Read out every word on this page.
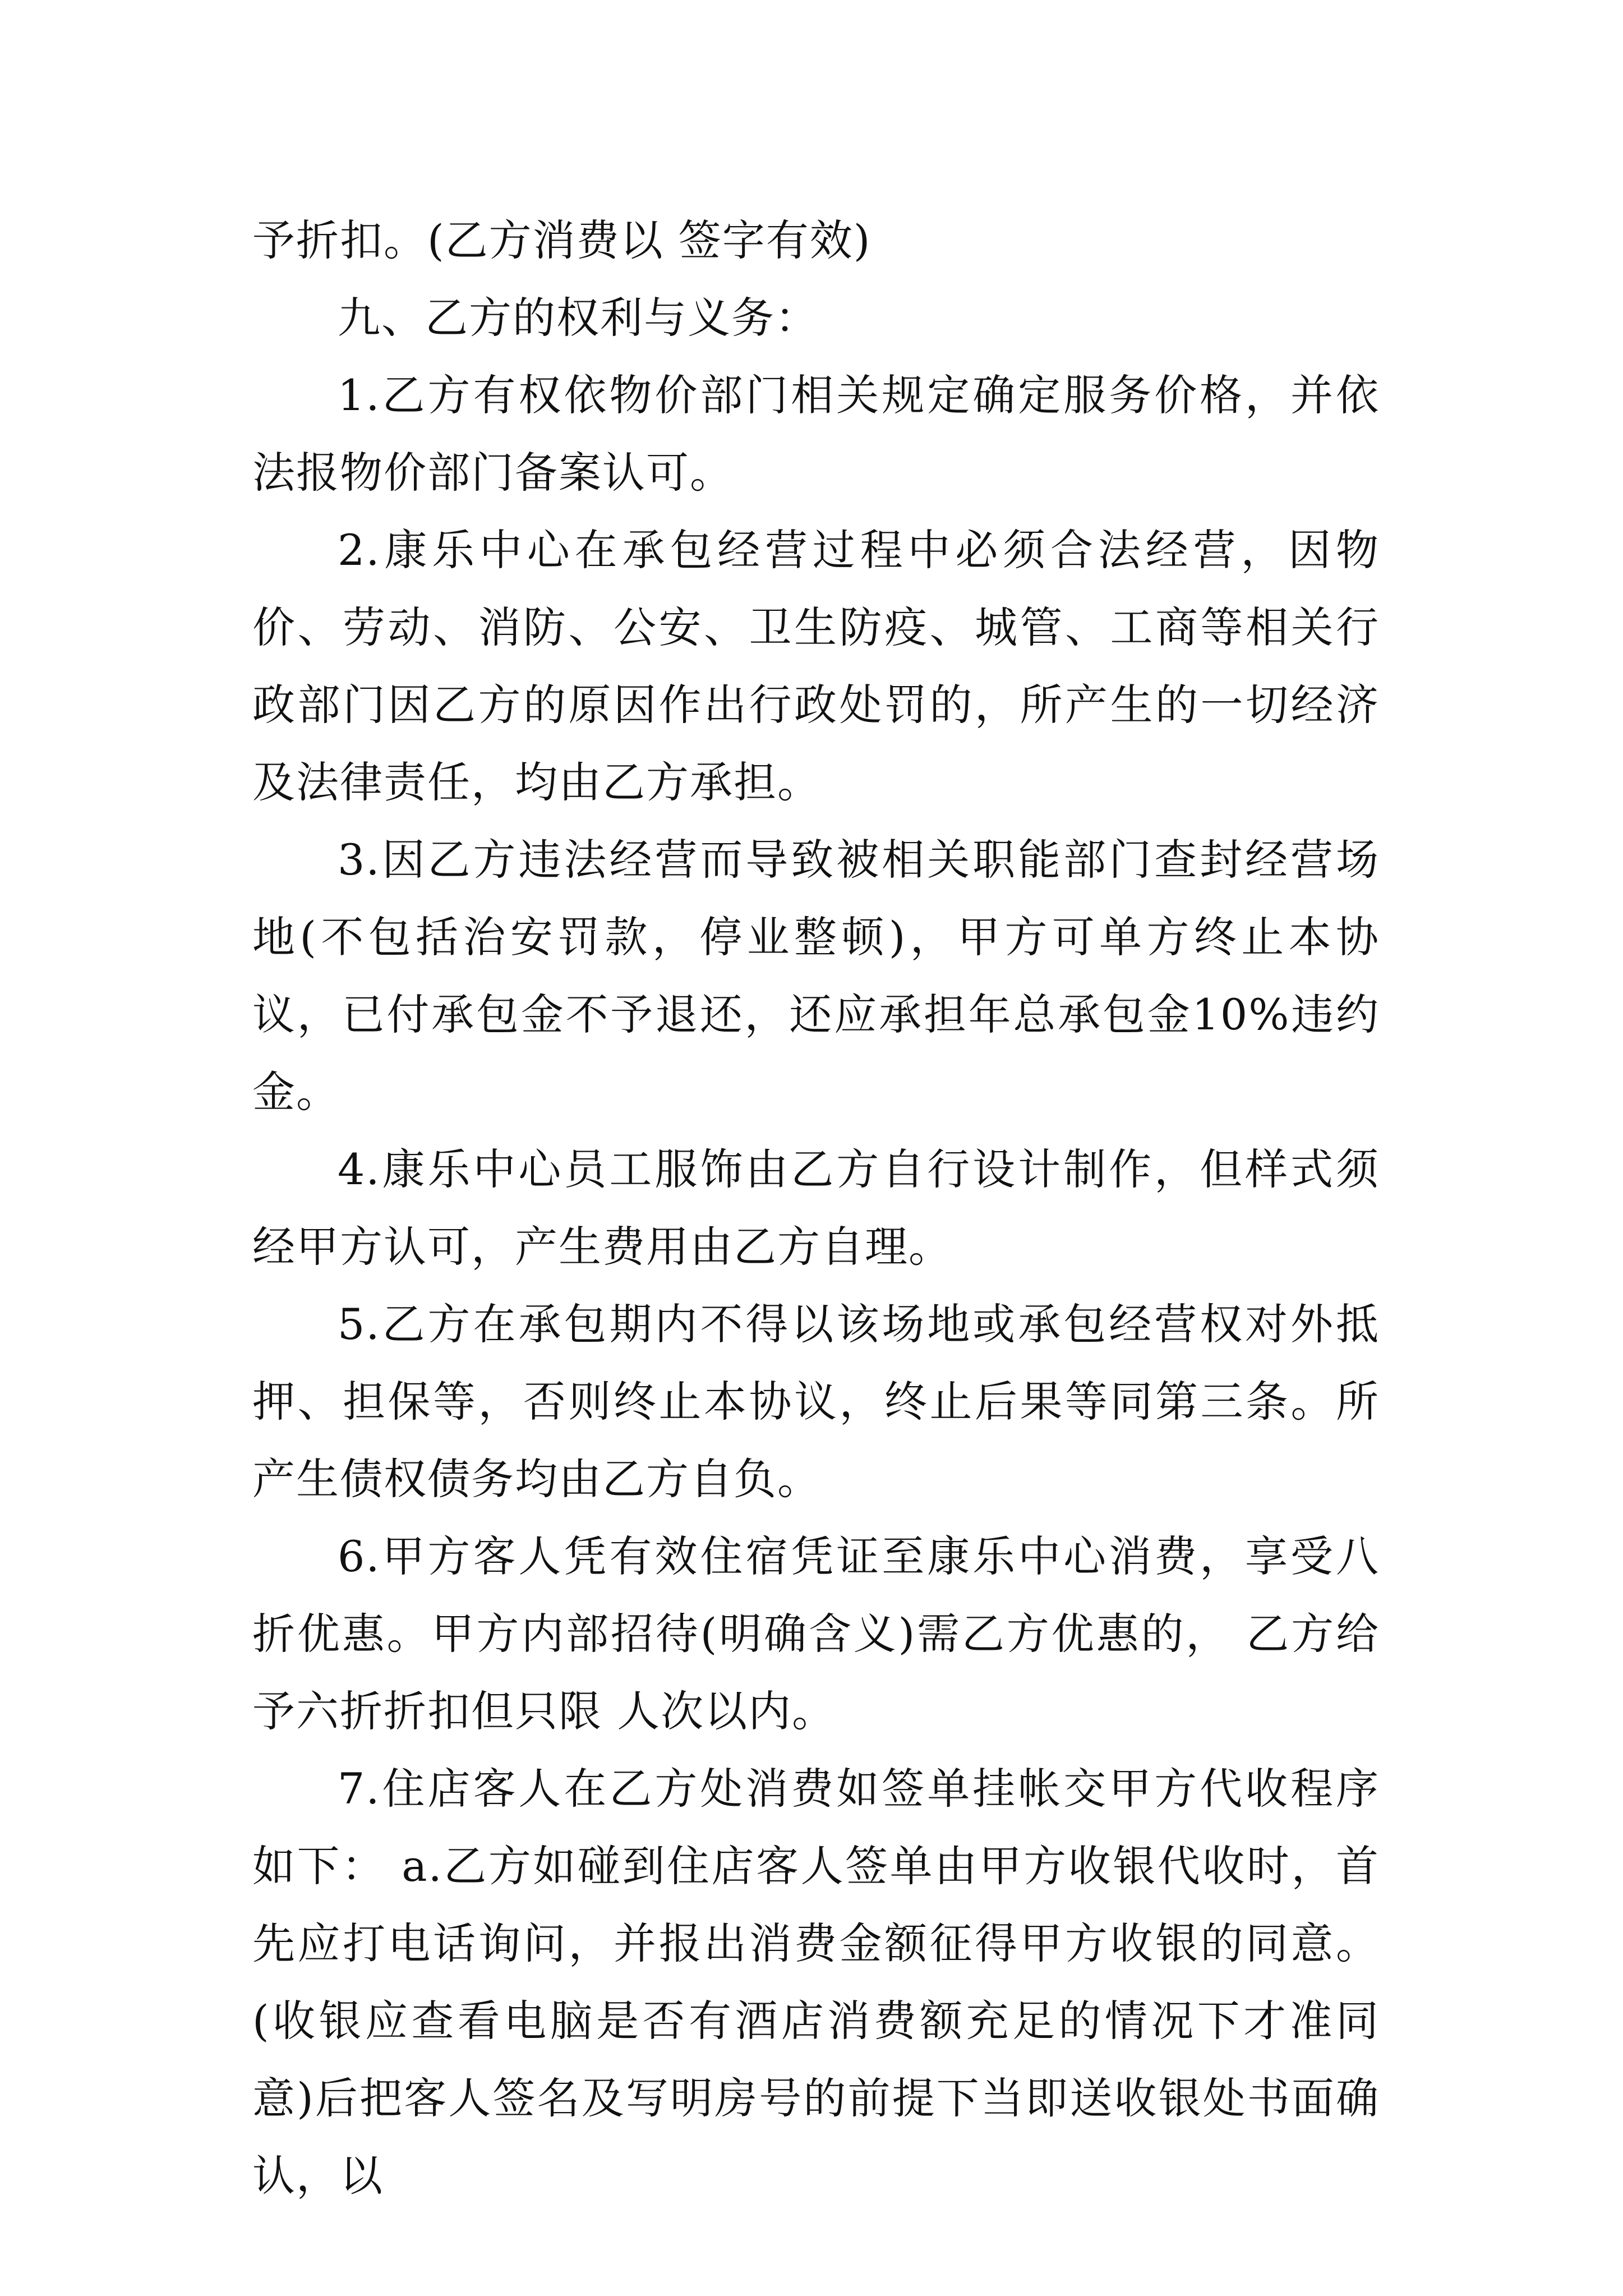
予折扣。(乙方消费以 签字有效)

九、乙方的权利与义务：

1.乙方有权依物价部门相关规定确定服务价格，并依法报物价部门备案认可。

2.康乐中心在承包经营过程中必须合法经营，因物价、劳动、消防、公安、卫生防疫、城管、工商等相关行政部门因乙方的原因作出行政处罚的，所产生的一切经济及法律责任，均由乙方承担。

3.因乙方违法经营而导致被相关职能部门查封经营场地(不包括治安罚款，停业整顿)，甲方可单方终止本协议，已付承包金不予退还，还应承担年总承包金10%违约金。

4.康乐中心员工服饰由乙方自行设计制作，但样式须经甲方认可，产生费用由乙方自理。

5.乙方在承包期内不得以该场地或承包经营权对外抵押、担保等，否则终止本协议，终止后果等同第三条。所产生债权债务均由乙方自负。

6.甲方客人凭有效住宿凭证至康乐中心消费，享受八折优惠。甲方内部招待(明确含义)需乙方优惠的， 乙方给予六折折扣但只限 人次以内。

7.住店客人在乙方处消费如签单挂帐交甲方代收程序如下： a.乙方如碰到住店客人签单由甲方收银代收时，首先应打电话询问，并报出消费金额征得甲方收银的同意。(收银应查看电脑是否有酒店消费额充足的情况下才准同意)后把客人签名及写明房号的前提下当即送收银处书面确认，以
